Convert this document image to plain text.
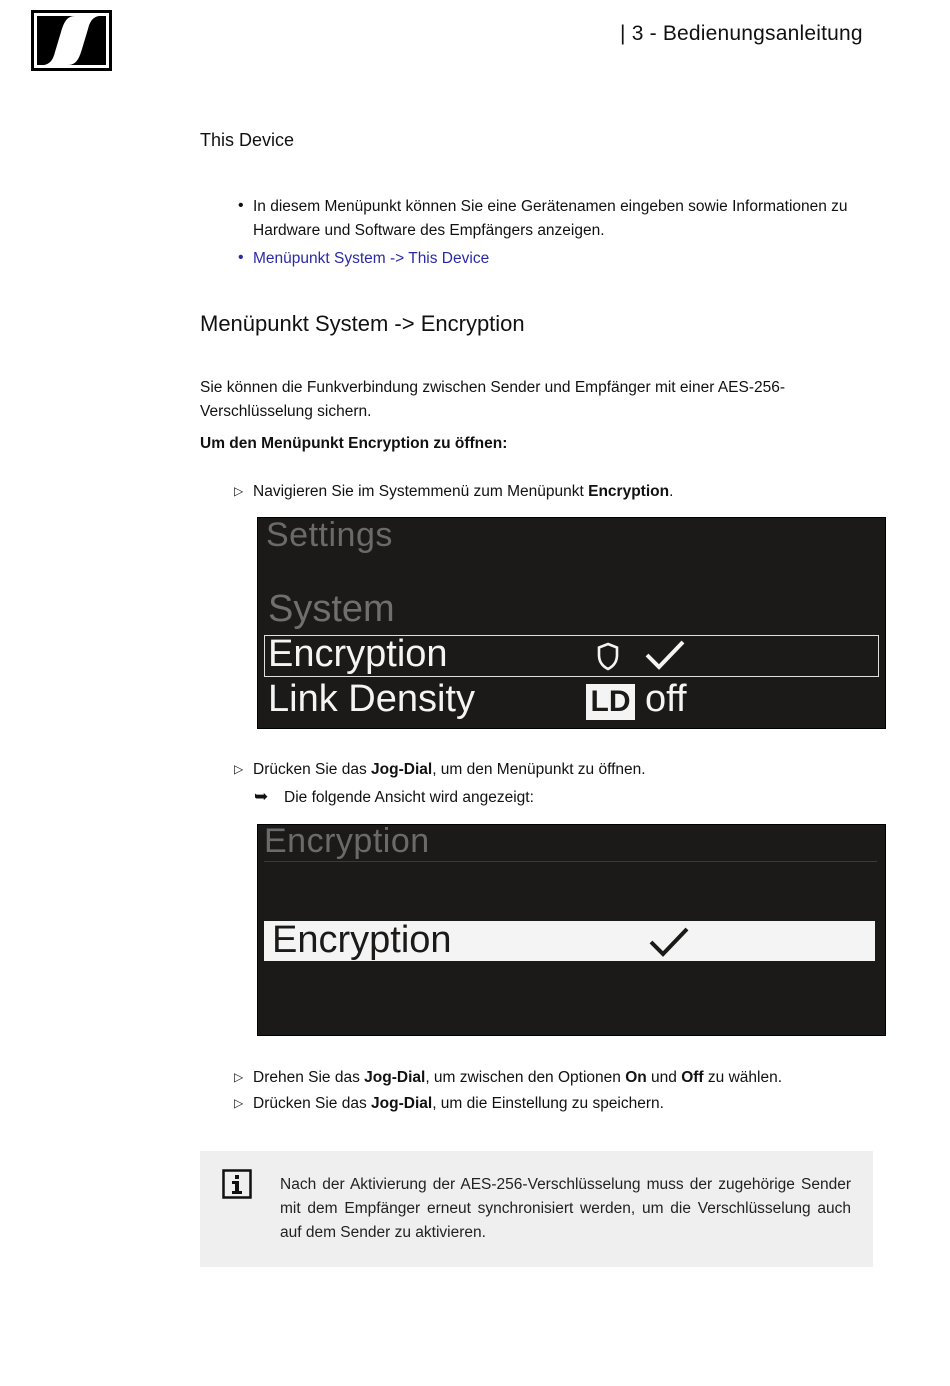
| 3 - Bedienungsanleitung
This Device
• In diesem Menüpunkt können Sie eine Gerätenamen eingeben sowie Informationen zu Hardware und Software des Empfängers anzeigen.
• Menüpunkt System -> This Device
Menüpunkt System -> Encryption
Sie können die Funkverbindung zwischen Sender und Empfänger mit einer AES-256-Verschlüsselung sichern.
Um den Menüpunkt Encryption zu öffnen:
▷ Navigieren Sie im Systemmenü zum Menüpunkt Encryption.
Settings
System
Encryption
Link Density	LD off
▷ Drücken Sie das Jog-Dial, um den Menüpunkt zu öffnen.
➥ Die folgende Ansicht wird angezeigt:
Encryption
Encryption
▷ Drehen Sie das Jog-Dial, um zwischen den Optionen On und Off zu wählen.
▷ Drücken Sie das Jog-Dial, um die Einstellung zu speichern.
Nach der Aktivierung der AES-256-Verschlüsselung muss der zugehörige Sender mit dem Empfänger erneut synchronisiert werden, um die Verschlüsselung auch auf dem Sender zu aktivieren.
